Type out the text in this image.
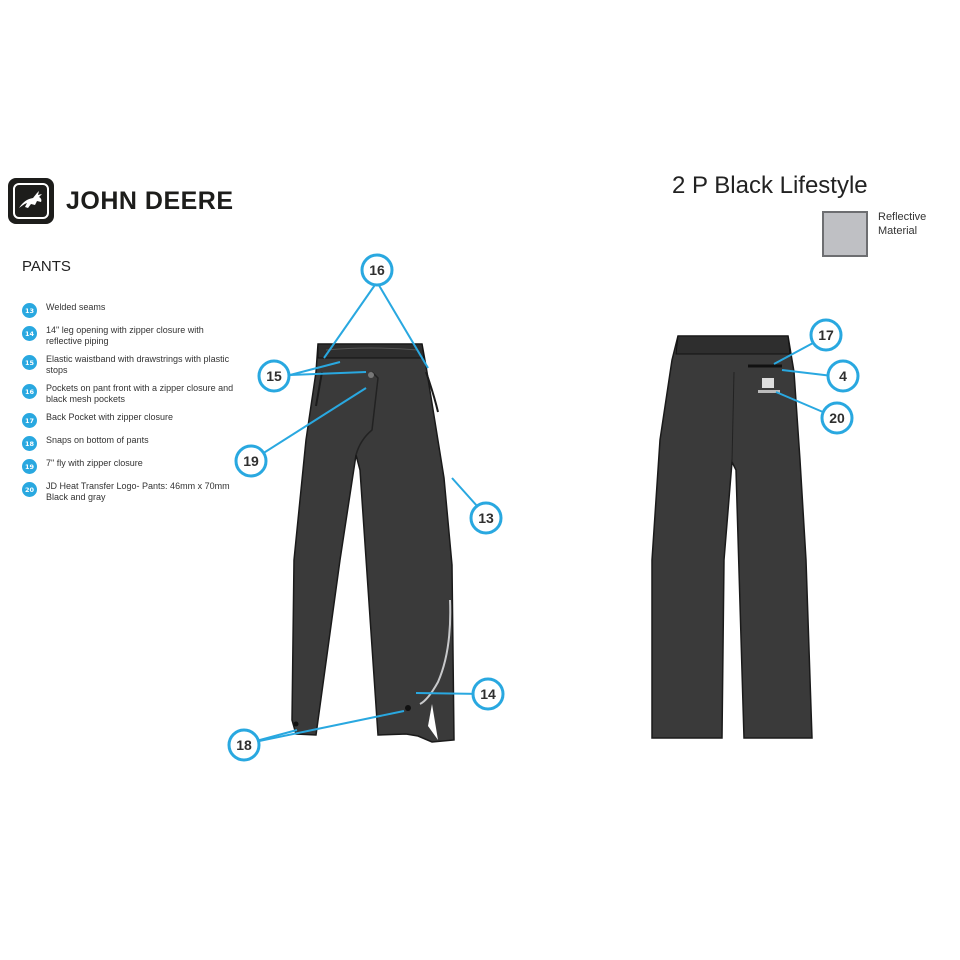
JOHN DEERE
PANTS
13	Welded seams
14	14" leg opening with zipper closure with reflective piping
15	Elastic waistband with drawstrings with plastic stops
16	Pockets on pant front with a zipper closure and black mesh pockets
17	Back Pocket with zipper closure
18	Snaps on bottom of pants
19	7" fly with zipper closure
20	JD Heat Transfer Logo- Pants: 46mm x 70mm Black and gray
2 P Black Lifestyle
Reflective Material
16
15
19
13
14
18
17
4
20
